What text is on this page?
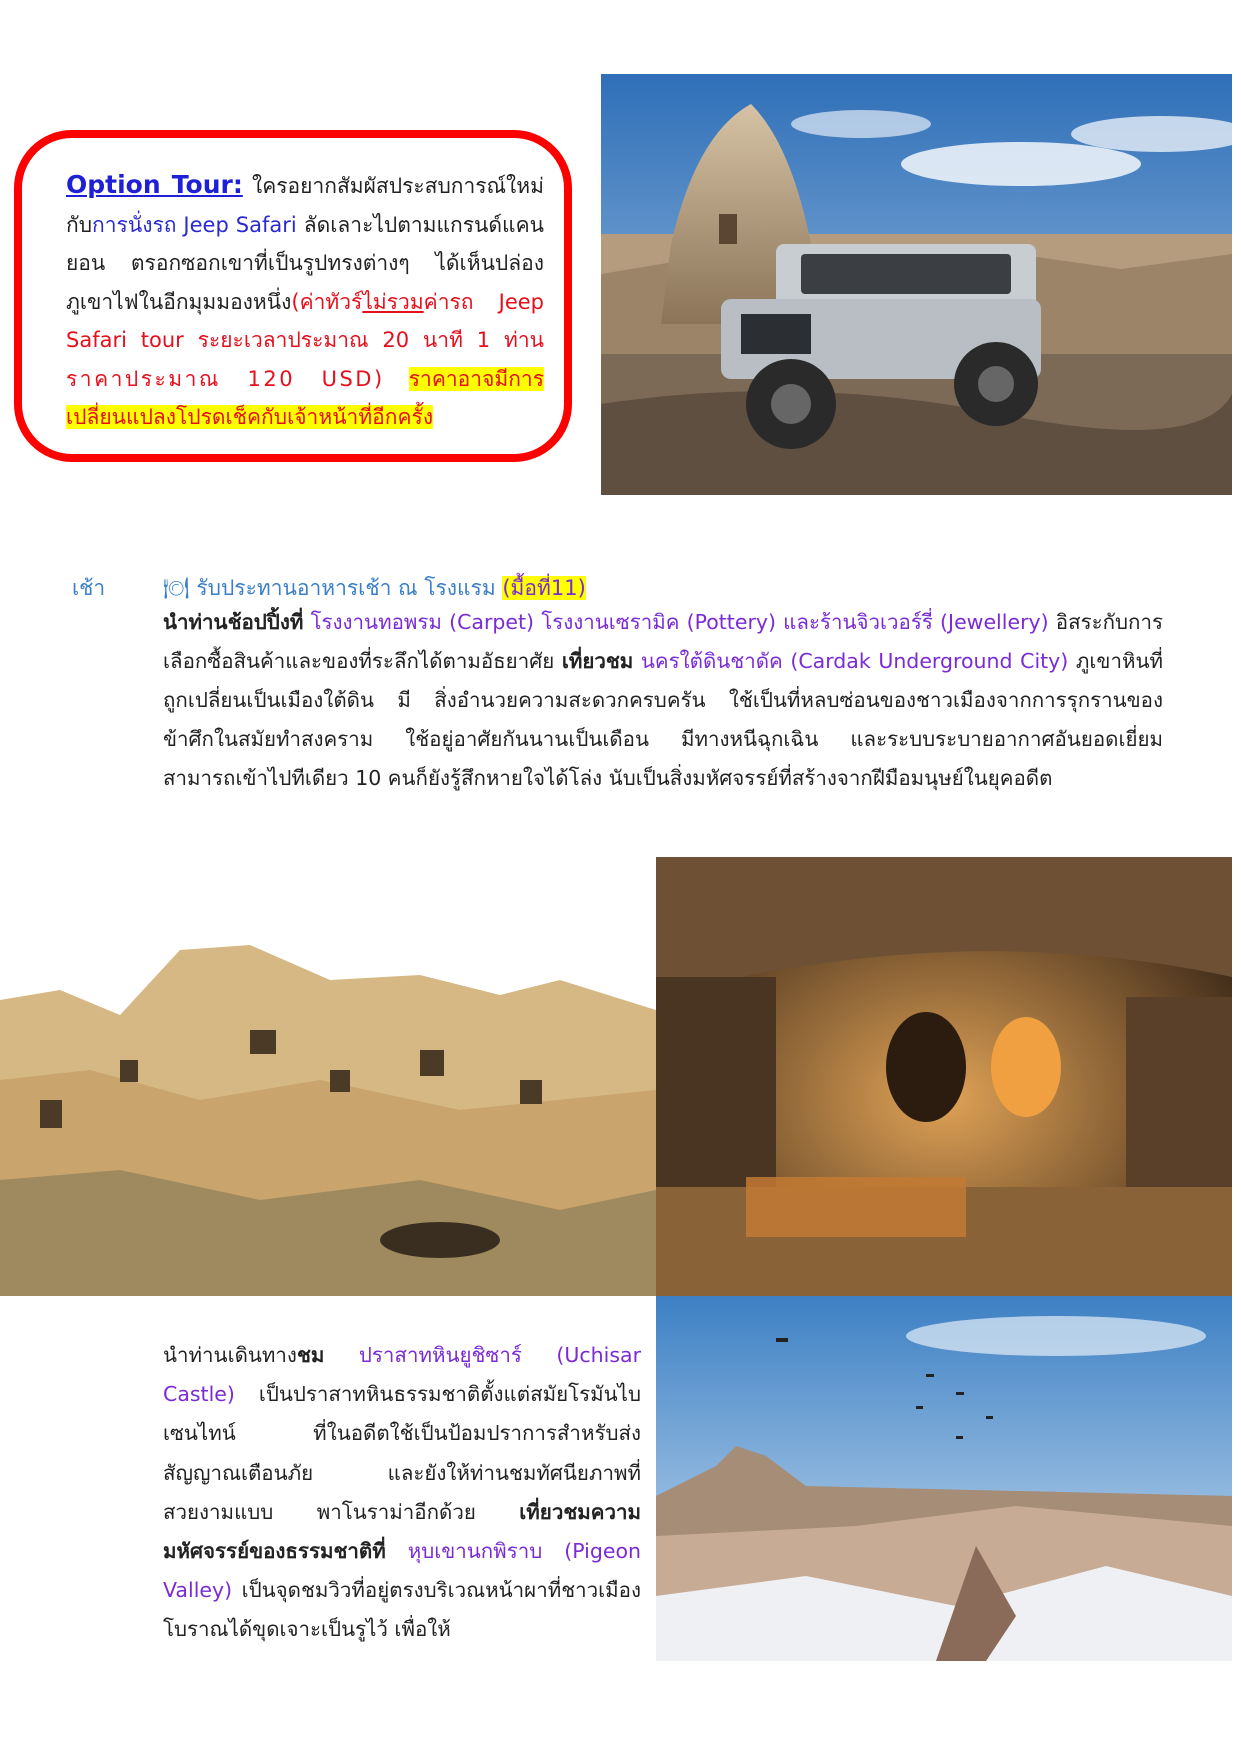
Option Tour: ใครอยากสัมผัสประสบการณ์ใหม่กับการนั่งรถ Jeep Safari ลัดเลาะไปตามแกรนด์แคนยอน ตรอกซอกเขาที่เป็นรูปทรงต่างๆ ได้เห็นปล่องภูเขาไฟในอีกมุมมองหนึ่ง(ค่าทัวร์ไม่รวมค่ารถ Jeep Safari tour ระยะเวลาประมาณ 20 นาที 1 ท่าน ราคาประมาณ 120 USD) ราคาอาจมีการเปลี่ยนแปลงโปรดเช็คกับเจ้าหน้าที่อีกครั้ง
เช้า	🍽 รับประทานอาหารเช้า ณ โรงแรม (มื้อที่11)
นำท่านช้อปปิ้งที่ โรงงานทอพรม (Carpet) โรงงานเซรามิค (Pottery) และร้านจิวเวอร์รี่ (Jewellery) อิสระกับการเลือกซื้อสินค้าและของที่ระลึกได้ตามอัธยาศัย เที่ยวชม นครใต้ดินชาดัค (Cardak Underground City) ภูเขาหินที่ถูกเปลี่ยนเป็นเมืองใต้ดิน มี สิ่งอำนวยความสะดวกครบครัน ใช้เป็นที่หลบซ่อนของชาวเมืองจากการรุกรานของข้าศึกในสมัยทำสงคราม ใช้อยู่อาศัยกันนานเป็นเดือน มีทางหนีฉุกเฉิน และระบบระบายอากาศอันยอดเยี่ยม สามารถเข้าไปทีเดียว 10 คนก็ยังรู้สึกหายใจได้โล่ง นับเป็นสิ่งมหัศจรรย์ที่สร้างจากฝีมือมนุษย์ในยุคอดีต
นำท่านเดินทางชม ปราสาทหินยูชิซาร์ (Uchisar Castle) เป็นปราสาทหินธรรมชาติตั้งแต่สมัยโรมันไบเซนไทน์ ที่ในอดีตใช้เป็นป้อมปราการสำหรับส่งสัญญาณเตือนภัย และยังให้ท่านชมทัศนียภาพที่สวยงามแบบ พาโนราม่าอีกด้วย เที่ยวชมความมหัศจรรย์ของธรรมชาติที่ หุบเขานกพิราบ (Pigeon Valley) เป็นจุดชมวิวที่อยู่ตรงบริเวณหน้าผาที่ชาวเมืองโบราณได้ขุดเจาะเป็นรูไว้ เพื่อให้
